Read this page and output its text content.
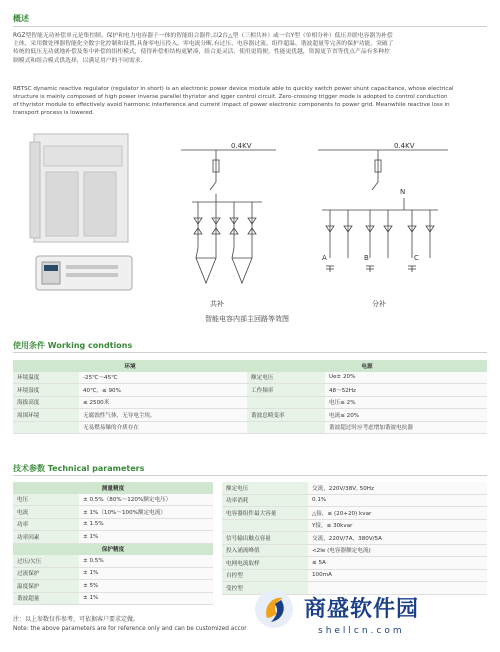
概述
RGZ型智能无功补偿单元是集控制、保护和电力电容器于一体的智能组合器件,以2台△型（三相共补）或一台Y型（单相分补）低压并联电容器为补偿
主体，采用微处理器智能化全数字化控制和设置,具备零电压投入、零电流分断,有过压、电容器过流、组件超温、谐波超量等完善的保护功能，突破了
传统的低压无功就地补偿及集中补偿的组柜模式，使得补偿柜结构更紧凑，组合更灵活，使用更简便，性能更优越，资源更节省等优点产品有多种控
制模式和组合模式供选择，以满足用户的不同需求.
RBTSC dynamic reactive regulator (regulator in short) is an electronic power device module able to quickly switch power shunt capacitance, whose electrical
structure is mainly composed of high power inverse parallel thyristor and igger control circuit. Zero-crossing trigger mode is adopted to control conduction
of thyristor module to effectively avoid harmonic interference and current impact of power electronic components to power grid. Meanwhile reactive loss in
transport process is lowered.
0.4KV
共补
0.4KV
N
A	B	C
分补
智能电容内部主回路等效图
使用条件 Working condtions
环境		电源	
环境温度	-25℃～45℃	额定电压	Ue± 20%
环境湿度	40℃，≤ 90%	工作频率	48～52Hz
海拔高度	≤ 2500米		电压≤ 2%
周围环境	无腐蚀性气体，无导电尘埃,	谐波总畸变率	电流≤ 20%
	无易燃易爆的介质存在		谐波超过时应考虑增加谐波电抗器
技术参数 Technical parameters
测量精度	
电压	± 0.5%（80%～120%额定电压）
电流	± 1%（10%～100%额定电流）
功率	± 1.5%
功率因素	± 1%
保护精度	
过压/欠压	± 0.5%
过流保护	± 1%
温度保护	± 5%
谐波超量	± 1%
额定电压	交流，220V/38V, 50Hz
功率消耗	0.1%
电容器组件最大容量	△接，≤ (20+20) kvar
	Y接，≤ 30kvar
信号输出触点容量	交流，220V/7A，380V/5A
投入涌流峰值	<2Ie (电容器额定电流)
电网电流取样	≤ 5A
自控型	100mA
受控型	
注：以上参数仅作参考，可依据客户要求定做。
Note: the above parameters are for reference only and can be customized accor
商盛软件园
shellcn.com
